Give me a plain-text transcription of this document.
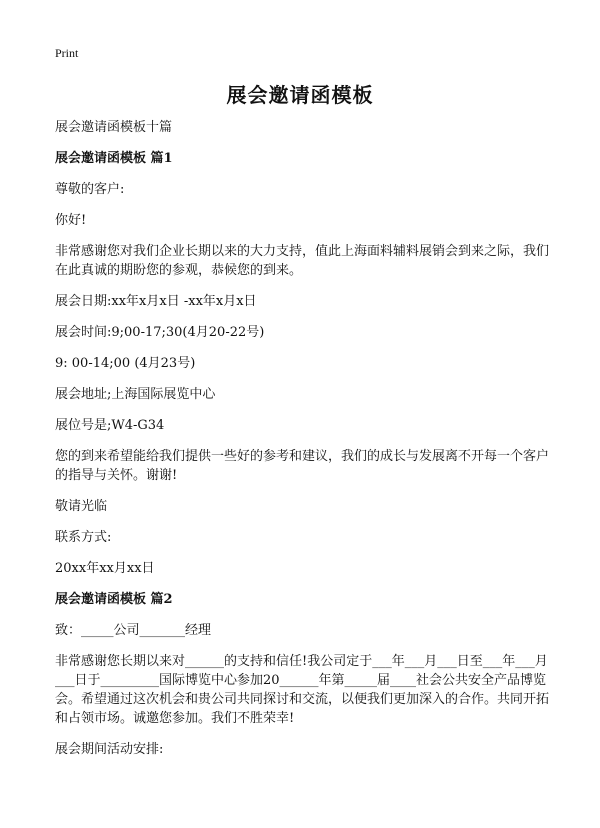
Print
展会邀请函模板

展会邀请函模板十篇

展会邀请函模板 篇1

尊敬的客户:

你好!

非常感谢您对我们企业长期以来的大力支持，值此上海面料辅料展销会到来之际，我们在此真诚的期盼您的参观，恭候您的到来。

展会日期:xx年x月x日 -xx年x月x日

展会时间:9;00-17;30(4月20-22号)

9: 00-14;00 (4月23号)

展会地址;上海国际展览中心

展位号是;W4-G34

您的到来希望能给我们提供一些好的参考和建议，我们的成长与发展离不开每一个客户的指导与关怀。谢谢!

敬请光临

联系方式:

20xx年xx月xx日

展会邀请函模板 篇2

致：_____公司_______经理

非常感谢您长期以来对______的支持和信任!我公司定于___年___月___日至___年___月___日于_________国际博览中心参加20______年第_____届____社会公共安全产品博览会。希望通过这次机会和贵公司共同探讨和交流，以便我们更加深入的合作。共同开拓和占领市场。诚邀您参加。我们不胜荣幸!

展会期间活动安排:
